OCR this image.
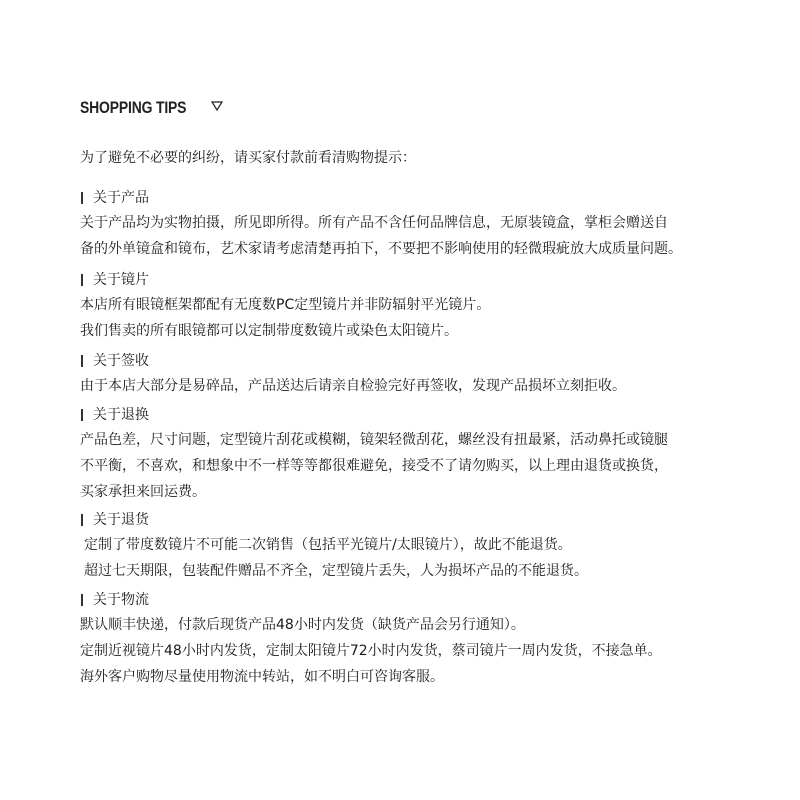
SHOPPING TIPS
为了避免不必要的纠纷，请买家付款前看清购物提示：
关于产品
关于产品均为实物拍摄，所见即所得。所有产品不含任何品牌信息，无原装镜盒，掌柜会赠送自
备的外单镜盒和镜布，艺术家请考虑清楚再拍下，不要把不影响使用的轻微瑕疵放大成质量问题。
关于镜片
本店所有眼镜框架都配有无度数PC定型镜片并非防辐射平光镜片。
我们售卖的所有眼镜都可以定制带度数镜片或染色太阳镜片。
关于签收
由于本店大部分是易碎品，产品送达后请亲自检验完好再签收，发现产品损坏立刻拒收。
关于退换
产品色差，尺寸问题，定型镜片刮花或模糊，镜架轻微刮花，螺丝没有扭最紧，活动鼻托或镜腿
不平衡，不喜欢，和想象中不一样等等都很难避免，接受不了请勿购买，以上理由退货或换货，
买家承担来回运费。
关于退货
定制了带度数镜片不可能二次销售（包括平光镜片/太眼镜片），故此不能退货。
超过七天期限，包装配件赠品不齐全，定型镜片丢失，人为损坏产品的不能退货。
关于物流
默认顺丰快递，付款后现货产品48小时内发货（缺货产品会另行通知）。
定制近视镜片48小时内发货，定制太阳镜片72小时内发货，蔡司镜片一周内发货，不接急单。
海外客户购物尽量使用物流中转站，如不明白可咨询客服。
